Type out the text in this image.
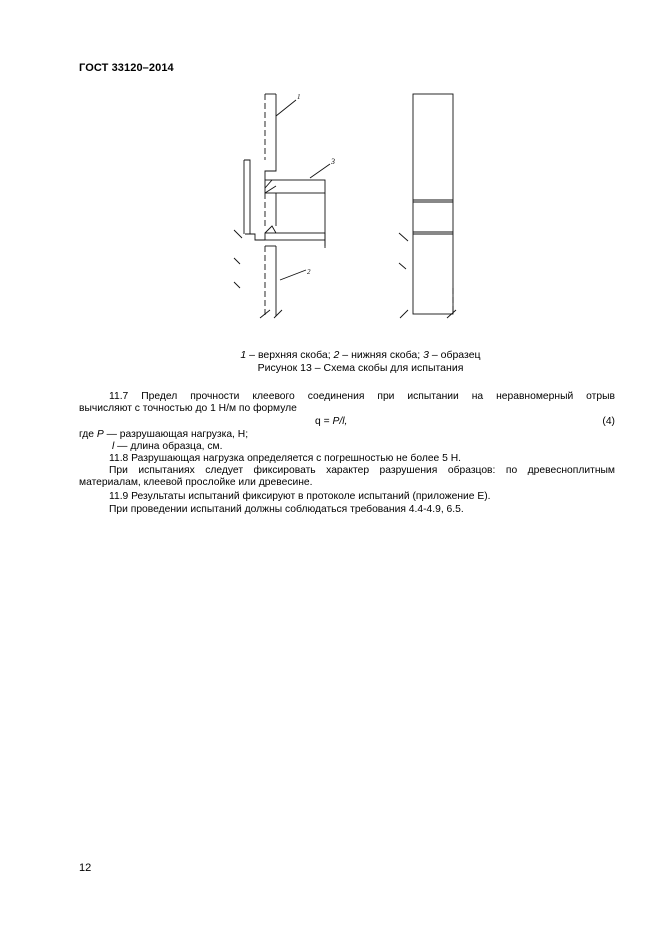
ГОСТ 33120–2014
1
3
2
1 – верхняя скоба; 2 – нижняя скоба; 3 – образец
Рисунок 13 – Схема скобы для испытания
11.7 Предел прочности клеевого соединения при испытании на неравномерный отрыв
вычисляют с точностью до 1 Н/м по формуле
q = P/l,	(4)
где P — разрушающая нагрузка, Н;
l — длина образца, см.
11.8 Разрушающая нагрузка определяется с погрешностью не более 5 Н.
При испытаниях следует фиксировать характер разрушения образцов: по древесноплитным
материалам, клеевой прослойке или древесине.
11.9 Результаты испытаний фиксируют в протоколе испытаний (приложение Е).
При проведении испытаний должны соблюдаться требования 4.4-4.9, 6.5.
12
